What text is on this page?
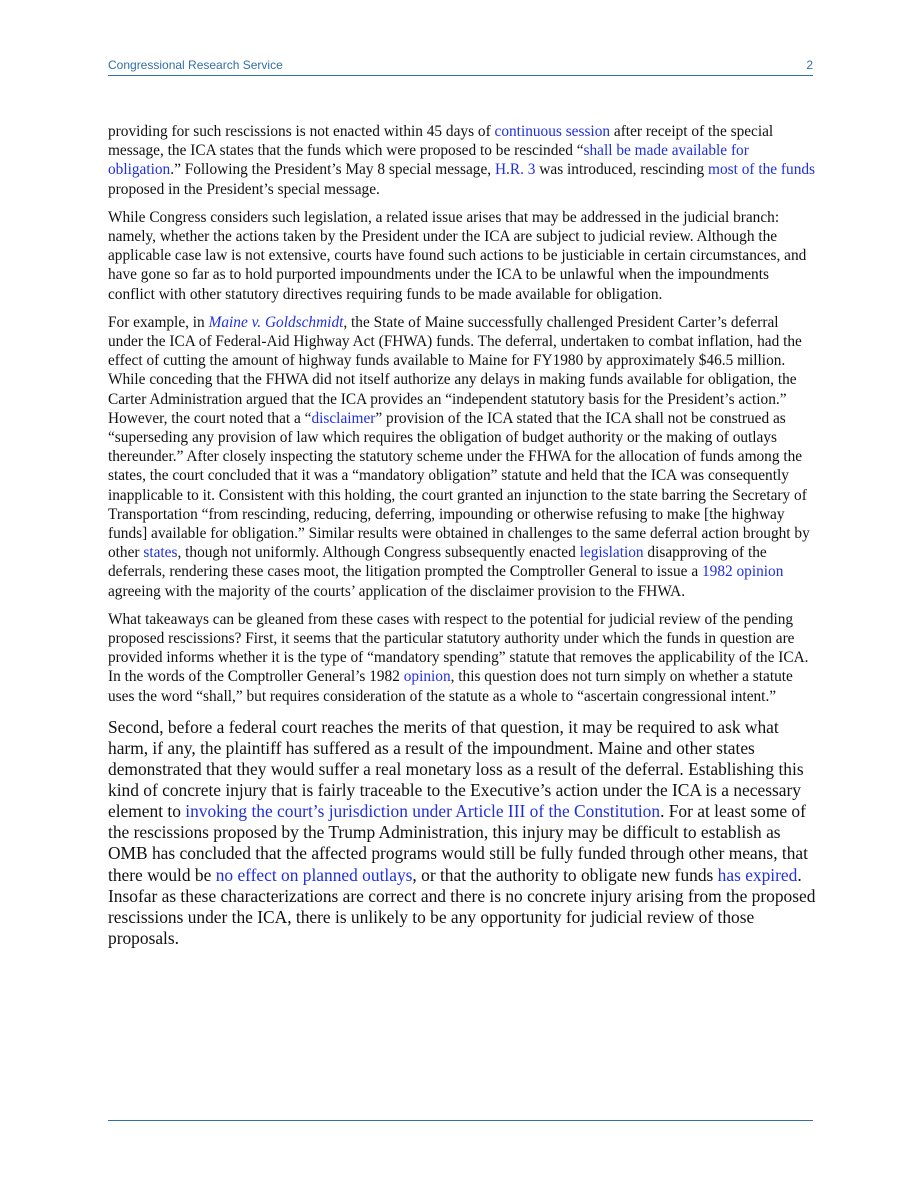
Congressional Research Service	2

providing for such rescissions is not enacted within 45 days of continuous session after receipt of the special message, the ICA states that the funds which were proposed to be rescinded “shall be made available for obligation.” Following the President’s May 8 special message, H.R. 3 was introduced, rescinding most of the funds proposed in the President’s special message.

While Congress considers such legislation, a related issue arises that may be addressed in the judicial branch: namely, whether the actions taken by the President under the ICA are subject to judicial review. Although the applicable case law is not extensive, courts have found such actions to be justiciable in certain circumstances, and have gone so far as to hold purported impoundments under the ICA to be unlawful when the impoundments conflict with other statutory directives requiring funds to be made available for obligation.

For example, in Maine v. Goldschmidt, the State of Maine successfully challenged President Carter’s deferral under the ICA of Federal-Aid Highway Act (FHWA) funds. The deferral, undertaken to combat inflation, had the effect of cutting the amount of highway funds available to Maine for FY1980 by approximately $46.5 million. While conceding that the FHWA did not itself authorize any delays in making funds available for obligation, the Carter Administration argued that the ICA provides an “independent statutory basis for the President’s action.” However, the court noted that a “disclaimer” provision of the ICA stated that the ICA shall not be construed as “superseding any provision of law which requires the obligation of budget authority or the making of outlays thereunder.” After closely inspecting the statutory scheme under the FHWA for the allocation of funds among the states, the court concluded that it was a “mandatory obligation” statute and held that the ICA was consequently inapplicable to it. Consistent with this holding, the court granted an injunction to the state barring the Secretary of Transportation “from rescinding, reducing, deferring, impounding or otherwise refusing to make [the highway funds] available for obligation.” Similar results were obtained in challenges to the same deferral action brought by other states, though not uniformly. Although Congress subsequently enacted legislation disapproving of the deferrals, rendering these cases moot, the litigation prompted the Comptroller General to issue a 1982 opinion agreeing with the majority of the courts’ application of the disclaimer provision to the FHWA.

What takeaways can be gleaned from these cases with respect to the potential for judicial review of the pending proposed rescissions? First, it seems that the particular statutory authority under which the funds in question are provided informs whether it is the type of “mandatory spending” statute that removes the applicability of the ICA. In the words of the Comptroller General’s 1982 opinion, this question does not turn simply on whether a statute uses the word “shall,” but requires consideration of the statute as a whole to “ascertain congressional intent.”

Second, before a federal court reaches the merits of that question, it may be required to ask what harm, if any, the plaintiff has suffered as a result of the impoundment. Maine and other states demonstrated that they would suffer a real monetary loss as a result of the deferral. Establishing this kind of concrete injury that is fairly traceable to the Executive’s action under the ICA is a necessary element to invoking the court’s jurisdiction under Article III of the Constitution. For at least some of the rescissions proposed by the Trump Administration, this injury may be difficult to establish as OMB has concluded that the affected programs would still be fully funded through other means, that there would be no effect on planned outlays, or that the authority to obligate new funds has expired. Insofar as these characterizations are correct and there is no concrete injury arising from the proposed rescissions under the ICA, there is unlikely to be any opportunity for judicial review of those proposals.
